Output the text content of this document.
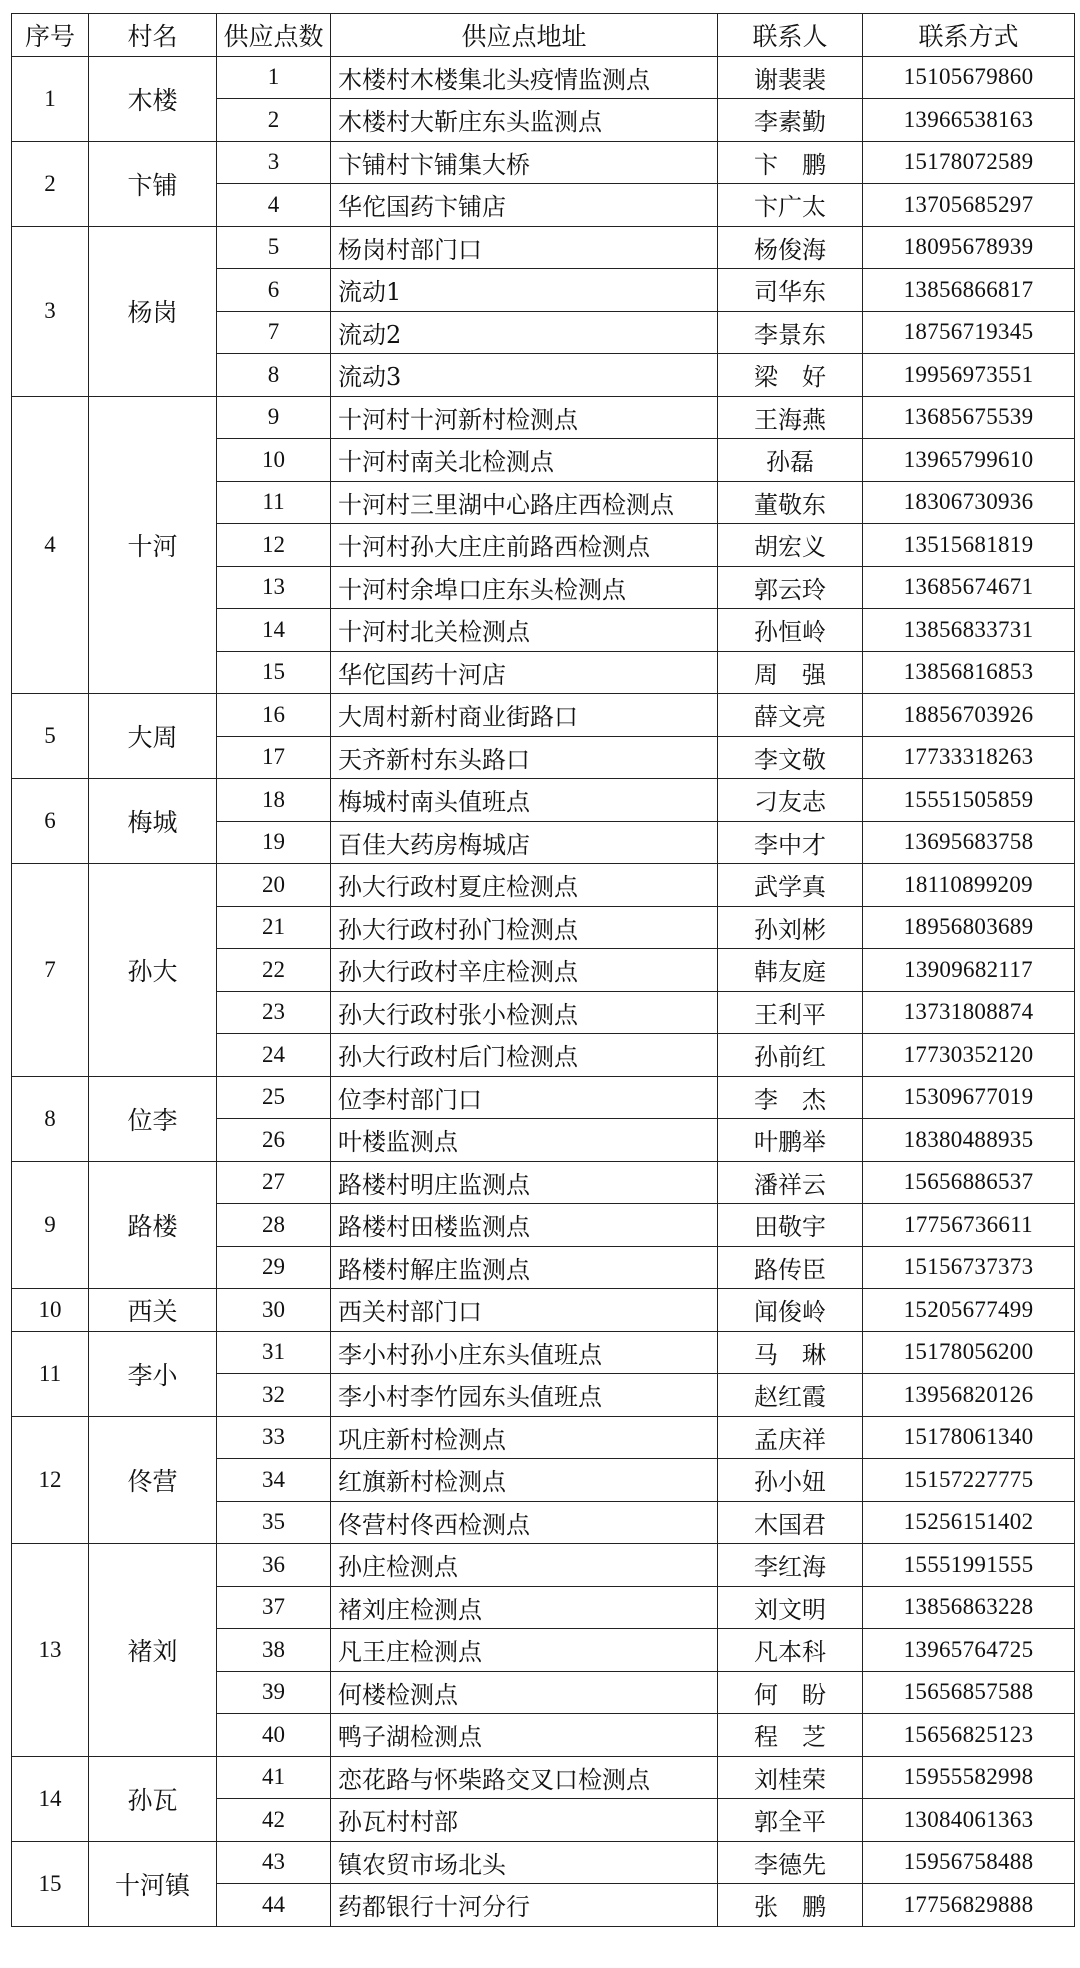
序号	村名	供应点数	供应点地址	联系人	联系方式
1	木楼	1	木楼村木楼集北头疫情监测点	谢裴裴	15105679860
		2	木楼村大靳庄东头监测点	李素勤	13966538163
2	卞铺	3	卞铺村卞铺集大桥	卞　鹏	15178072589
		4	华佗国药卞铺店	卞广太	13705685297
3	杨岗	5	杨岗村部门口	杨俊海	18095678939
		6	流动1	司华东	13856866817
		7	流动2	李景东	18756719345
		8	流动3	梁　好	19956973551
4	十河	9	十河村十河新村检测点	王海燕	13685675539
		10	十河村南关北检测点	孙磊	13965799610
		11	十河村三里湖中心路庄西检测点	董敬东	18306730936
		12	十河村孙大庄庄前路西检测点	胡宏义	13515681819
		13	十河村余埠口庄东头检测点	郭云玲	13685674671
		14	十河村北关检测点	孙恒岭	13856833731
		15	华佗国药十河店	周　强	13856816853
5	大周	16	大周村新村商业街路口	薛文亮	18856703926
		17	天齐新村东头路口	李文敬	17733318263
6	梅城	18	梅城村南头值班点	刁友志	15551505859
		19	百佳大药房梅城店	李中才	13695683758
7	孙大	20	孙大行政村夏庄检测点	武学真	18110899209
		21	孙大行政村孙门检测点	孙刘彬	18956803689
		22	孙大行政村辛庄检测点	韩友庭	13909682117
		23	孙大行政村张小检测点	王利平	13731808874
		24	孙大行政村后门检测点	孙前红	17730352120
8	位李	25	位李村部门口	李　杰	15309677019
		26	叶楼监测点	叶鹏举	18380488935
9	路楼	27	路楼村明庄监测点	潘祥云	15656886537
		28	路楼村田楼监测点	田敬宇	17756736611
		29	路楼村解庄监测点	路传臣	15156737373
10	西关	30	西关村部门口	闻俊岭	15205677499
11	李小	31	李小村孙小庄东头值班点	马　琳	15178056200
		32	李小村李竹园东头值班点	赵红霞	13956820126
12	佟营	33	巩庄新村检测点	孟庆祥	15178061340
		34	红旗新村检测点	孙小妞	15157227775
		35	佟营村佟西检测点	木国君	15256151402
13	褚刘	36	孙庄检测点	李红海	15551991555
		37	褚刘庄检测点	刘文明	13856863228
		38	凡王庄检测点	凡本科	13965764725
		39	何楼检测点	何　盼	15656857588
		40	鸭子湖检测点	程　芝	15656825123
14	孙瓦	41	恋花路与怀柴路交叉口检测点	刘桂荣	15955582998
		42	孙瓦村村部	郭全平	13084061363
15	十河镇	43	镇农贸市场北头	李德先	15956758488
		44	药都银行十河分行	张　鹏	17756829888
